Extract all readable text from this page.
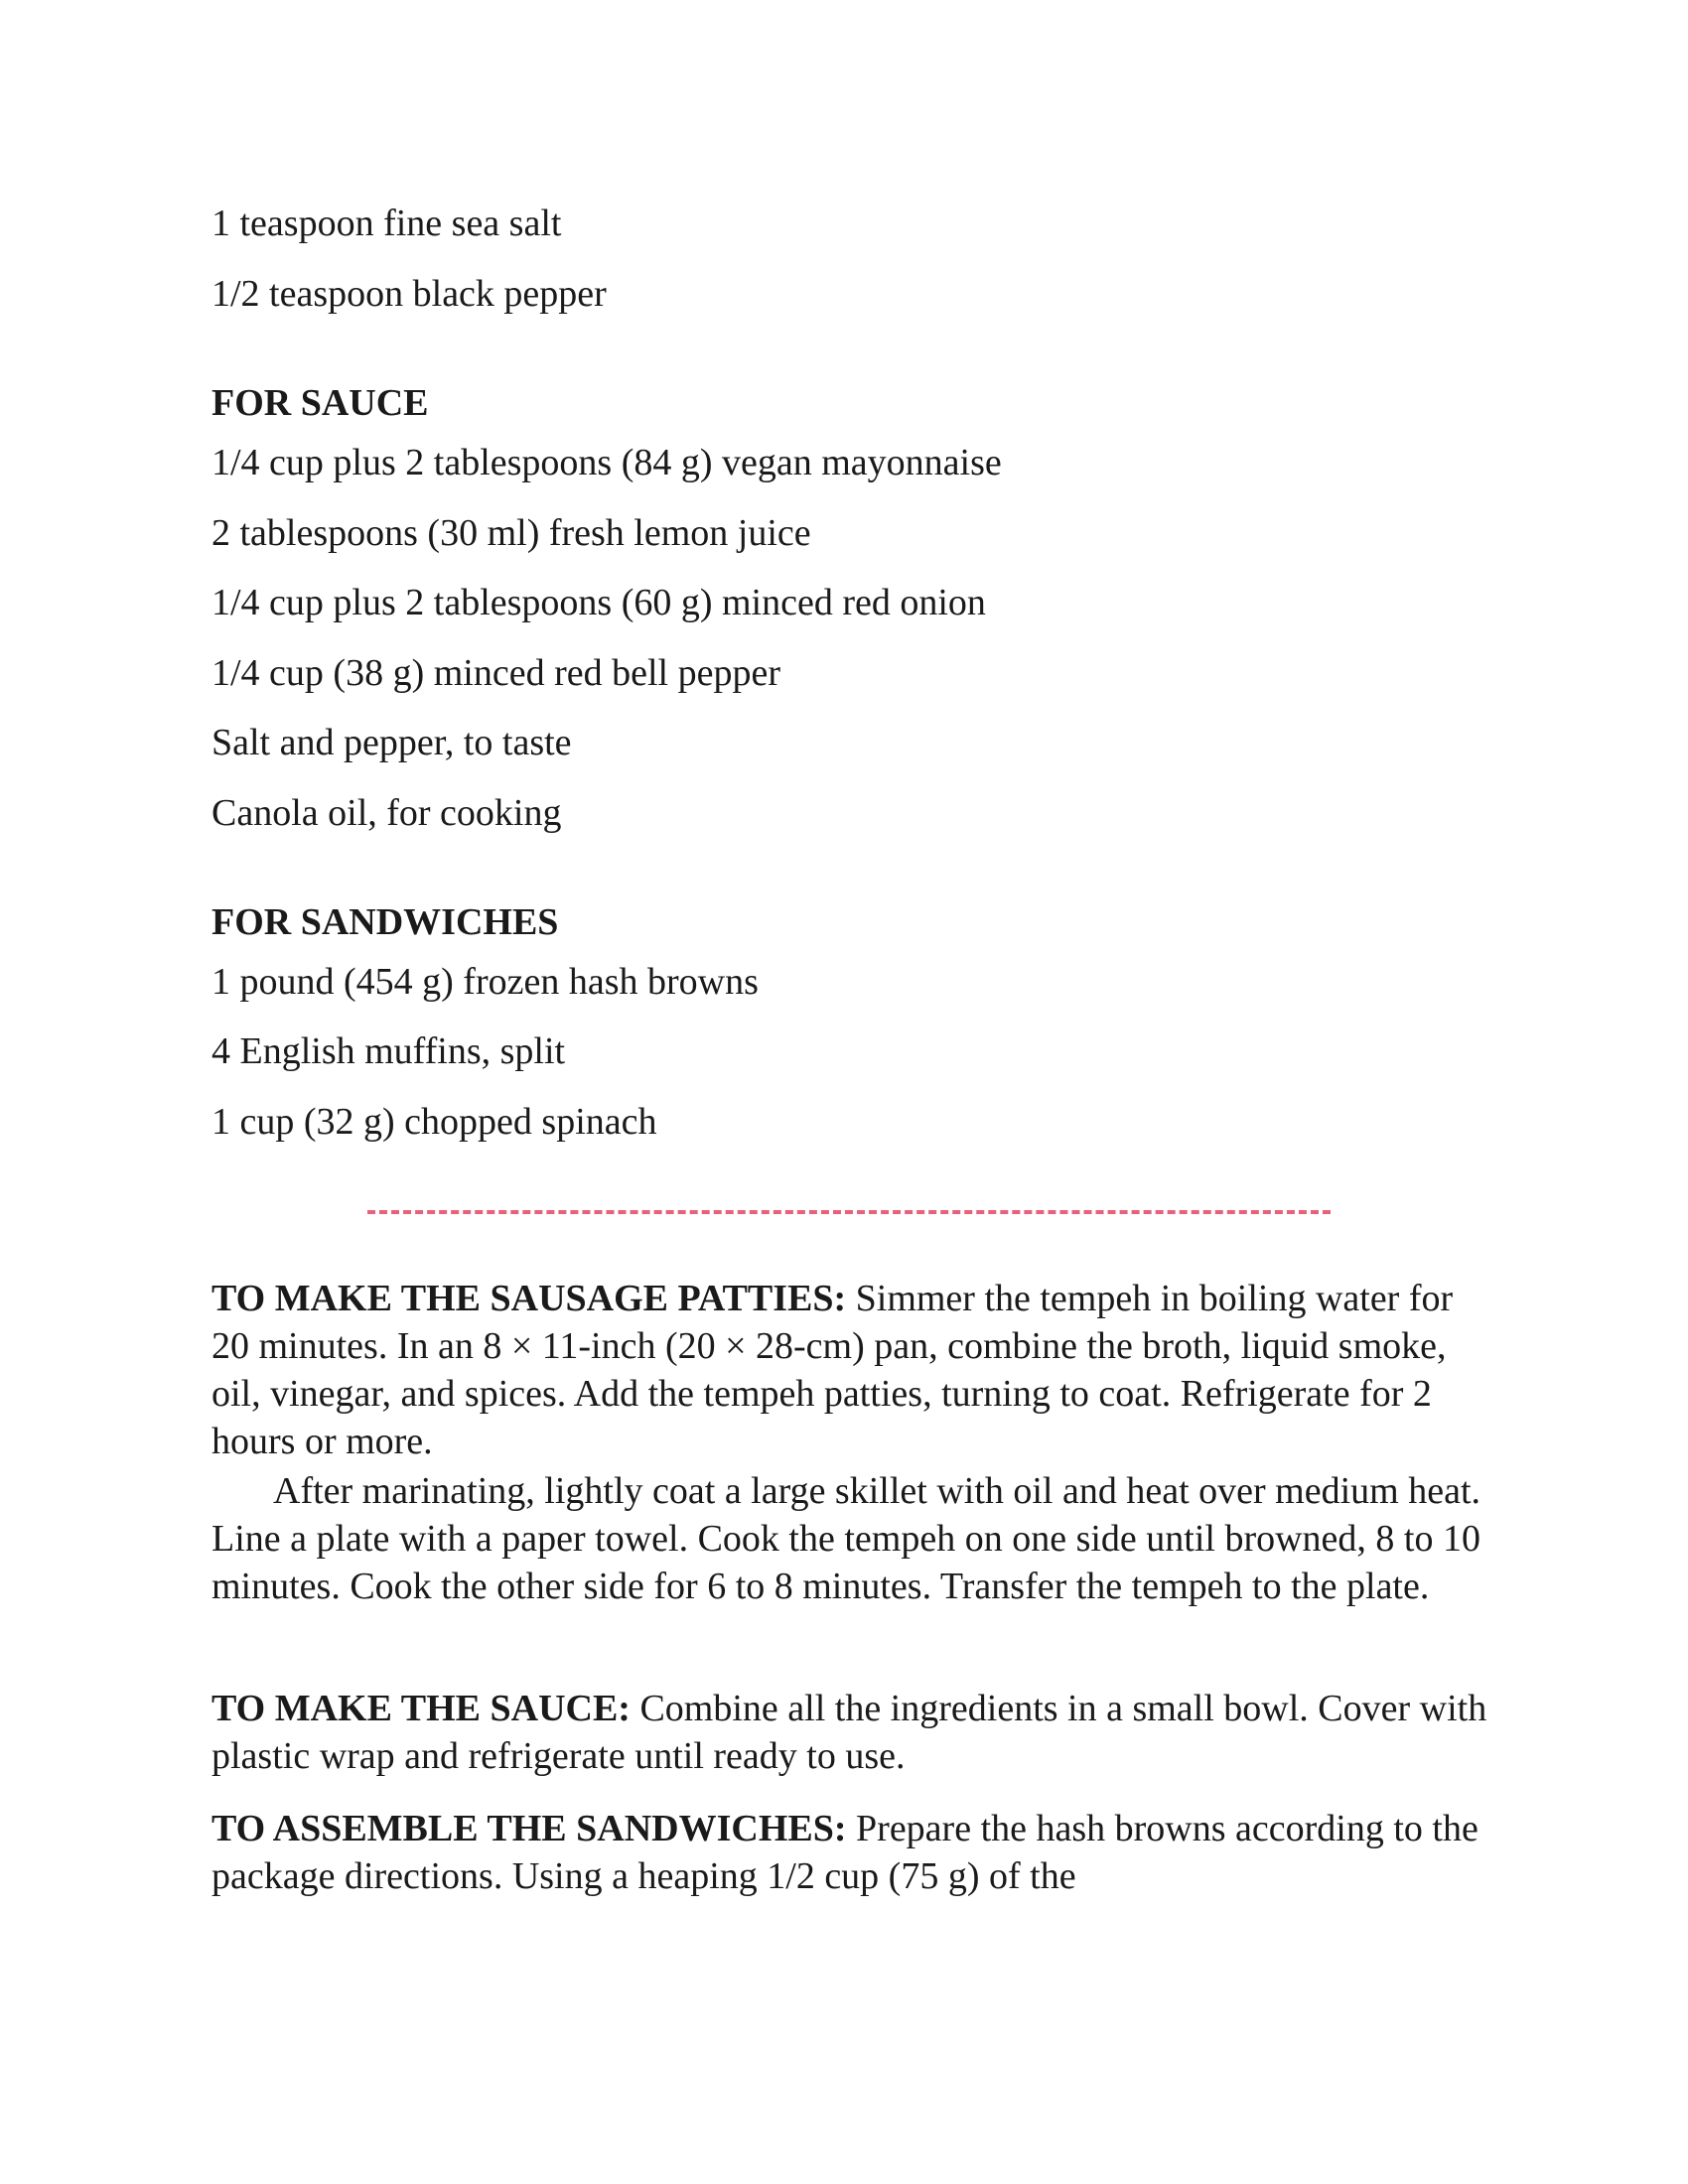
1 teaspoon fine sea salt
1/2 teaspoon black pepper
FOR SAUCE
1/4 cup plus 2 tablespoons (84 g) vegan mayonnaise
2 tablespoons (30 ml) fresh lemon juice
1/4 cup plus 2 tablespoons (60 g) minced red onion
1/4 cup (38 g) minced red bell pepper
Salt and pepper, to taste
Canola oil, for cooking
FOR SANDWICHES
1 pound (454 g) frozen hash browns
4 English muffins, split
1 cup (32 g) chopped spinach
TO MAKE THE SAUSAGE PATTIES: Simmer the tempeh in boiling water for 20 minutes. In an 8 × 11-inch (20 × 28-cm) pan, combine the broth, liquid smoke, oil, vinegar, and spices. Add the tempeh patties, turning to coat. Refrigerate for 2 hours or more.
After marinating, lightly coat a large skillet with oil and heat over medium heat. Line a plate with a paper towel. Cook the tempeh on one side until browned, 8 to 10 minutes. Cook the other side for 6 to 8 minutes. Transfer the tempeh to the plate.
TO MAKE THE SAUCE: Combine all the ingredients in a small bowl. Cover with plastic wrap and refrigerate until ready to use.
TO ASSEMBLE THE SANDWICHES: Prepare the hash browns according to the package directions. Using a heaping 1/2 cup (75 g) of the
